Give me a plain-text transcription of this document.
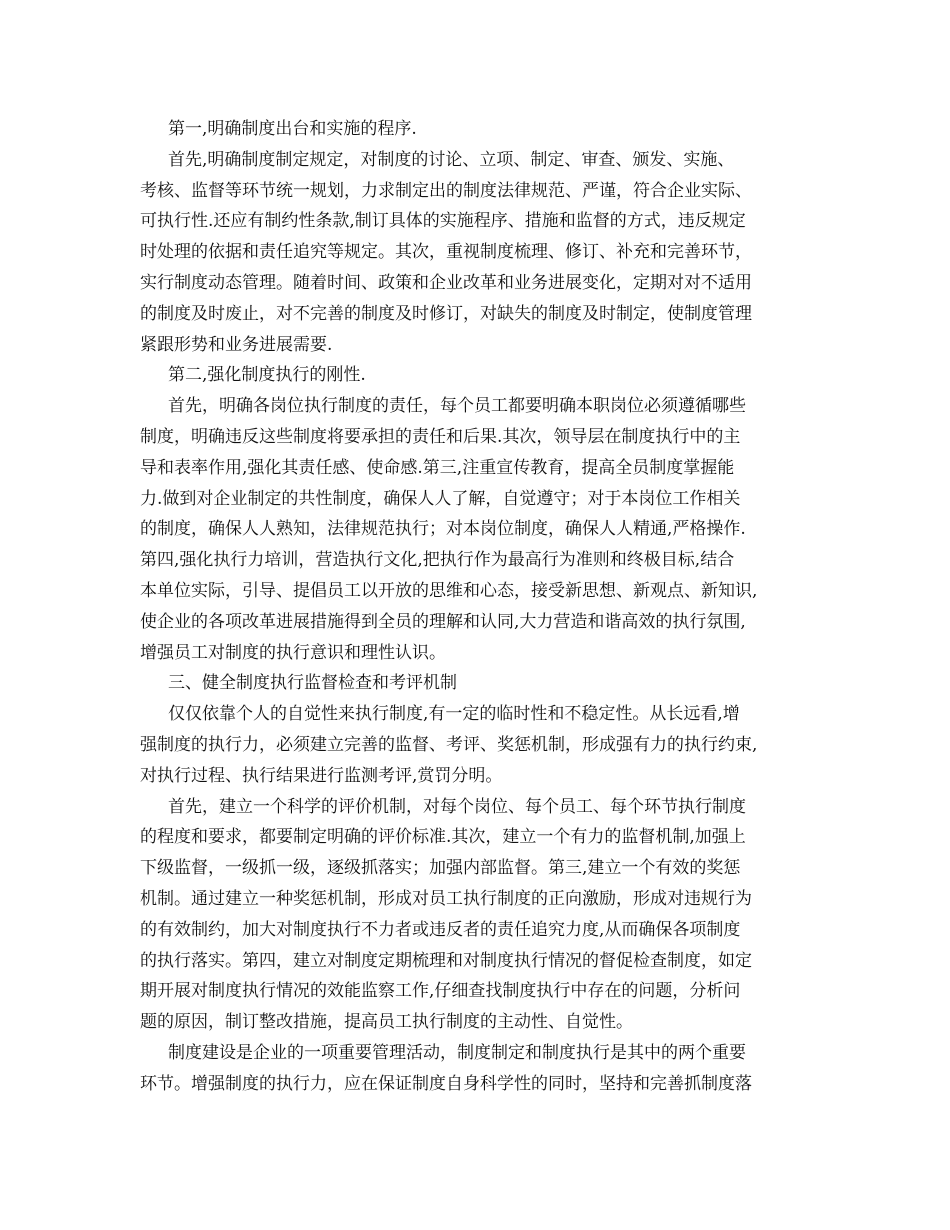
第一,明确制度出台和实施的程序.
首先,明确制度制定规定，对制度的讨论、立项、制定、审查、颁发、实施、
考核、监督等环节统一规划，力求制定出的制度法律规范、严谨，符合企业实际、
可执行性.还应有制约性条款,制订具体的实施程序、措施和监督的方式，违反规定
时处理的依据和责任追究等规定。其次，重视制度梳理、修订、补充和完善环节，
实行制度动态管理。随着时间、政策和企业改革和业务进展变化，定期对对不适用
的制度及时废止，对不完善的制度及时修订，对缺失的制度及时制定，使制度管理
紧跟形势和业务进展需要.
第二,强化制度执行的刚性.
首先，明确各岗位执行制度的责任，每个员工都要明确本职岗位必须遵循哪些
制度，明确违反这些制度将要承担的责任和后果.其次，领导层在制度执行中的主
导和表率作用,强化其责任感、使命感.第三,注重宣传教育，提高全员制度掌握能
力.做到对企业制定的共性制度，确保人人了解，自觉遵守；对于本岗位工作相关
的制度，确保人人熟知，法律规范执行；对本岗位制度，确保人人精通,严格操作.
第四,强化执行力培训，营造执行文化,把执行作为最高行为准则和终极目标,结合
本单位实际，引导、提倡员工以开放的思维和心态，接受新思想、新观点、新知识,
使企业的各项改革进展措施得到全员的理解和认同,大力营造和谐高效的执行氛围,
增强员工对制度的执行意识和理性认识。
三、健全制度执行监督检查和考评机制
仅仅依靠个人的自觉性来执行制度,有一定的临时性和不稳定性。从长远看,增
强制度的执行力，必须建立完善的监督、考评、奖惩机制，形成强有力的执行约束,
对执行过程、执行结果进行监测考评,赏罚分明。
首先，建立一个科学的评价机制，对每个岗位、每个员工、每个环节执行制度
的程度和要求，都要制定明确的评价标准.其次，建立一个有力的监督机制,加强上
下级监督，一级抓一级，逐级抓落实；加强内部监督。第三,建立一个有效的奖惩
机制。通过建立一种奖惩机制，形成对员工执行制度的正向激励，形成对违规行为
的有效制约，加大对制度执行不力者或违反者的责任追究力度,从而确保各项制度
的执行落实。第四，建立对制度定期梳理和对制度执行情况的督促检查制度，如定
期开展对制度执行情况的效能监察工作,仔细查找制度执行中存在的问题，分析问
题的原因，制订整改措施，提高员工执行制度的主动性、自觉性。
制度建设是企业的一项重要管理活动，制度制定和制度执行是其中的两个重要
环节。增强制度的执行力，应在保证制度自身科学性的同时，坚持和完善抓制度落
